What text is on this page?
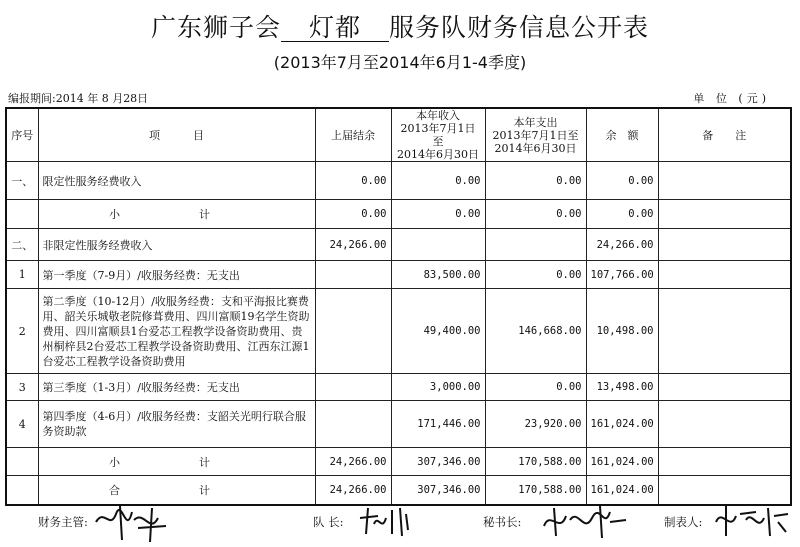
广东狮子会  灯都  服务队财务信息公开表
(2013年7月至2014年6月1-4季度)
编报期间:2014 年 8 月28日	单 位 (元)
序号	项　　　目	上届结余	本年收入
2013年7月1日至
2014年6月30日	本年支出
2013年7月1日至
2014年6月30日	余　额	备　　注
一、	限定性服务经费收入	0.00	0.00	0.00	0.00	
	小　计	0.00	0.00	0.00	0.00	
二、	非限定性服务经费收入	24,266.00			24,266.00	
1	第一季度（7-9月）/收服务经费：无支出		83,500.00	0.00	107,766.00	
2	第二季度（10-12月）/收服务经费：支和平海报比赛费用、韶关乐城敬老院修葺费用、四川富顺19名学生资助费用、四川富顺县1台爱芯工程教学设备资助费用、贵州桐梓县2台爱芯工程教学设备资助费用、江西东江源1台爱芯工程教学设备资助费用		49,400.00	146,668.00	10,498.00	
3	第三季度（1-3月）/收服务经费：无支出		3,000.00	0.00	13,498.00	
4	第四季度（4-6月）/收服务经费：支韶关光明行联合服务资助款		171,446.00	23,920.00	161,024.00	
	小　计	24,266.00	307,346.00	170,588.00	161,024.00	
	合　计	24,266.00	307,346.00	170,588.00	161,024.00	
财务主管:	队 长:	秘书长:	制表人:
